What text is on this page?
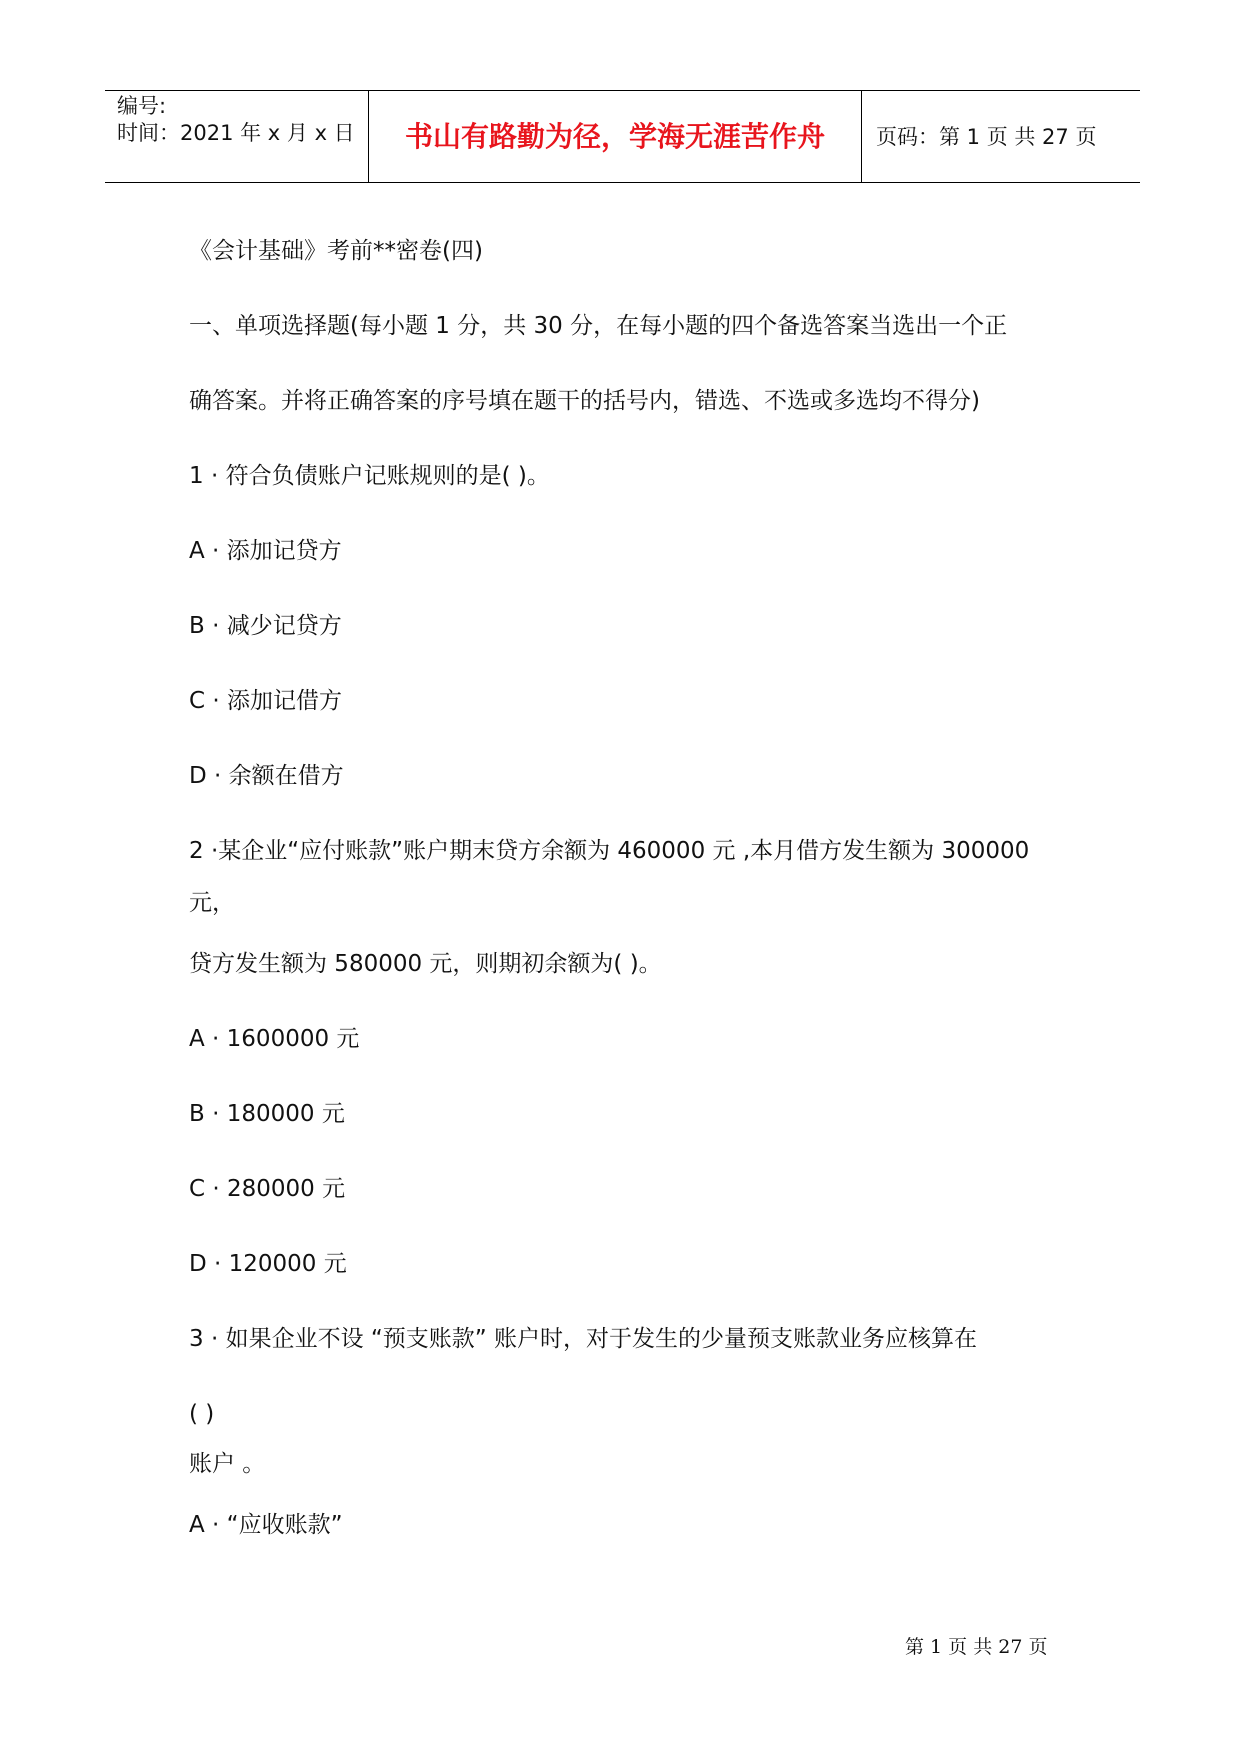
编号:
时间：2021 年 x 月 x 日	书山有路勤为径，学海无涯苦作舟	页码：第 1 页 共 27 页
《会计基础》考前**密卷(四)
一、单项选择题(每小题 1 分，共 30 分，在每小题的四个备选答案当选出一个正
确答案。并将正确答案的序号填在题干的括号内，错选、不选或多选均不得分)
1 · 符合负债账户记账规则的是( )。
A · 添加记贷方
B · 减少记贷方
C · 添加记借方
D · 余额在借方
2 ·某企业“应付账款”账户期末贷方余额为 460000 元 ,本月借方发生额为 300000
元，
贷方发生额为 580000 元，则期初余额为( )。
A · 1600000 元
B · 180000 元
C · 280000 元
D · 120000 元
3 · 如果企业不设 “预支账款” 账户时，对于发生的少量预支账款业务应核算在
( )
账户 。
A · “应收账款”
第 1 页 共 27 页
